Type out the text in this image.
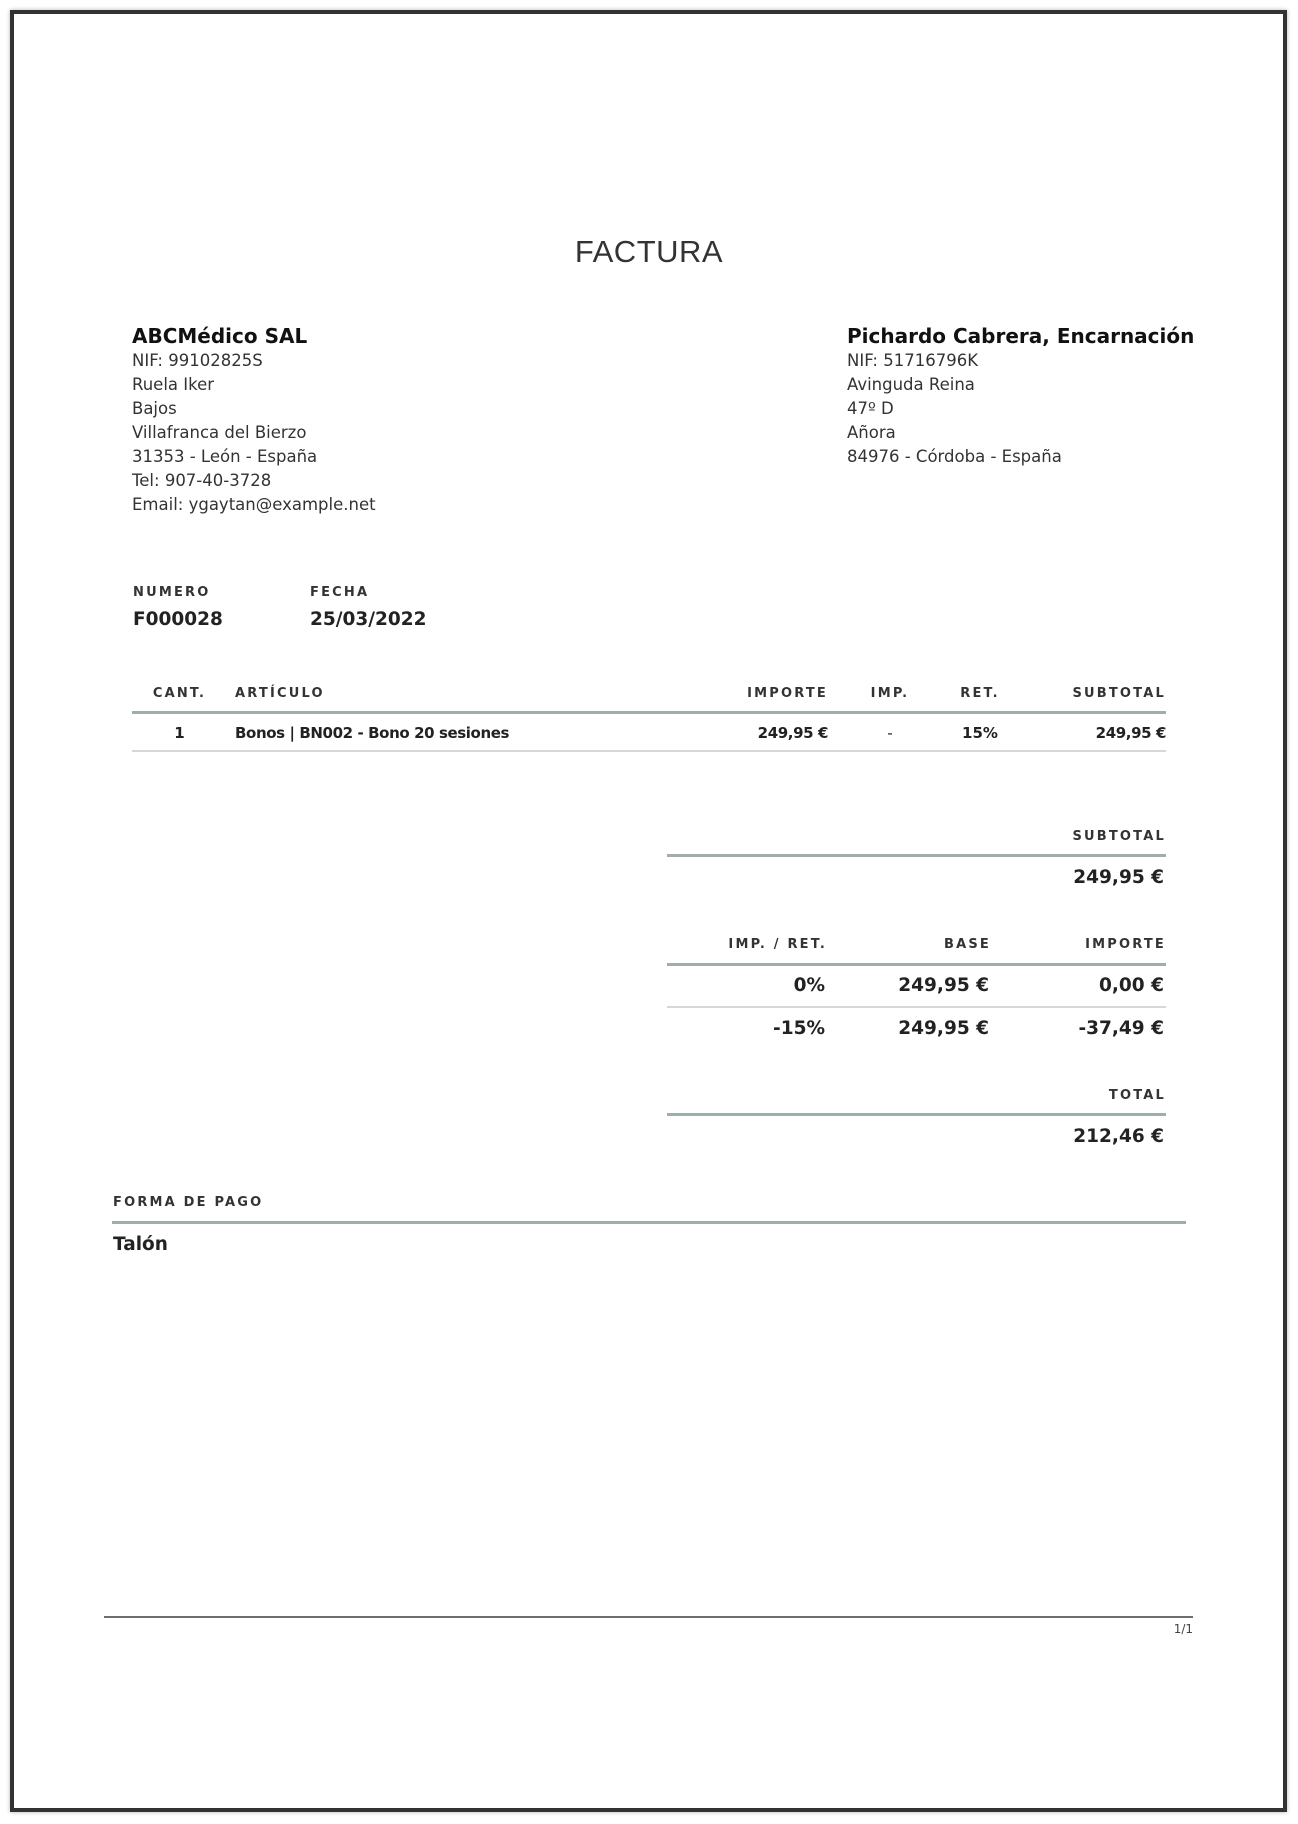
FACTURA
ABCMédico SAL
NIF: 99102825S
Ruela Iker
Bajos
Villafranca del Bierzo
31353 - León - España
Tel: 907-40-3728
Email: ygaytan@example.net
Pichardo Cabrera, Encarnación
NIF: 51716796K
Avinguda Reina
47º D
Añora
84976 - Córdoba - España
NUMERO
F000028
FECHA
25/03/2022
CANT.	ARTÍCULO	IMPORTE	IMP.	RET.	SUBTOTAL
1	Bonos | BN002 - Bono 20 sesiones	249,95 €	-	15%	249,95 €
SUBTOTAL
249,95 €
IMP. / RET.	BASE	IMPORTE
0%	249,95 €	0,00 €
-15%	249,95 €	-37,49 €
TOTAL
212,46 €
FORMA DE PAGO
Talón
1/1
